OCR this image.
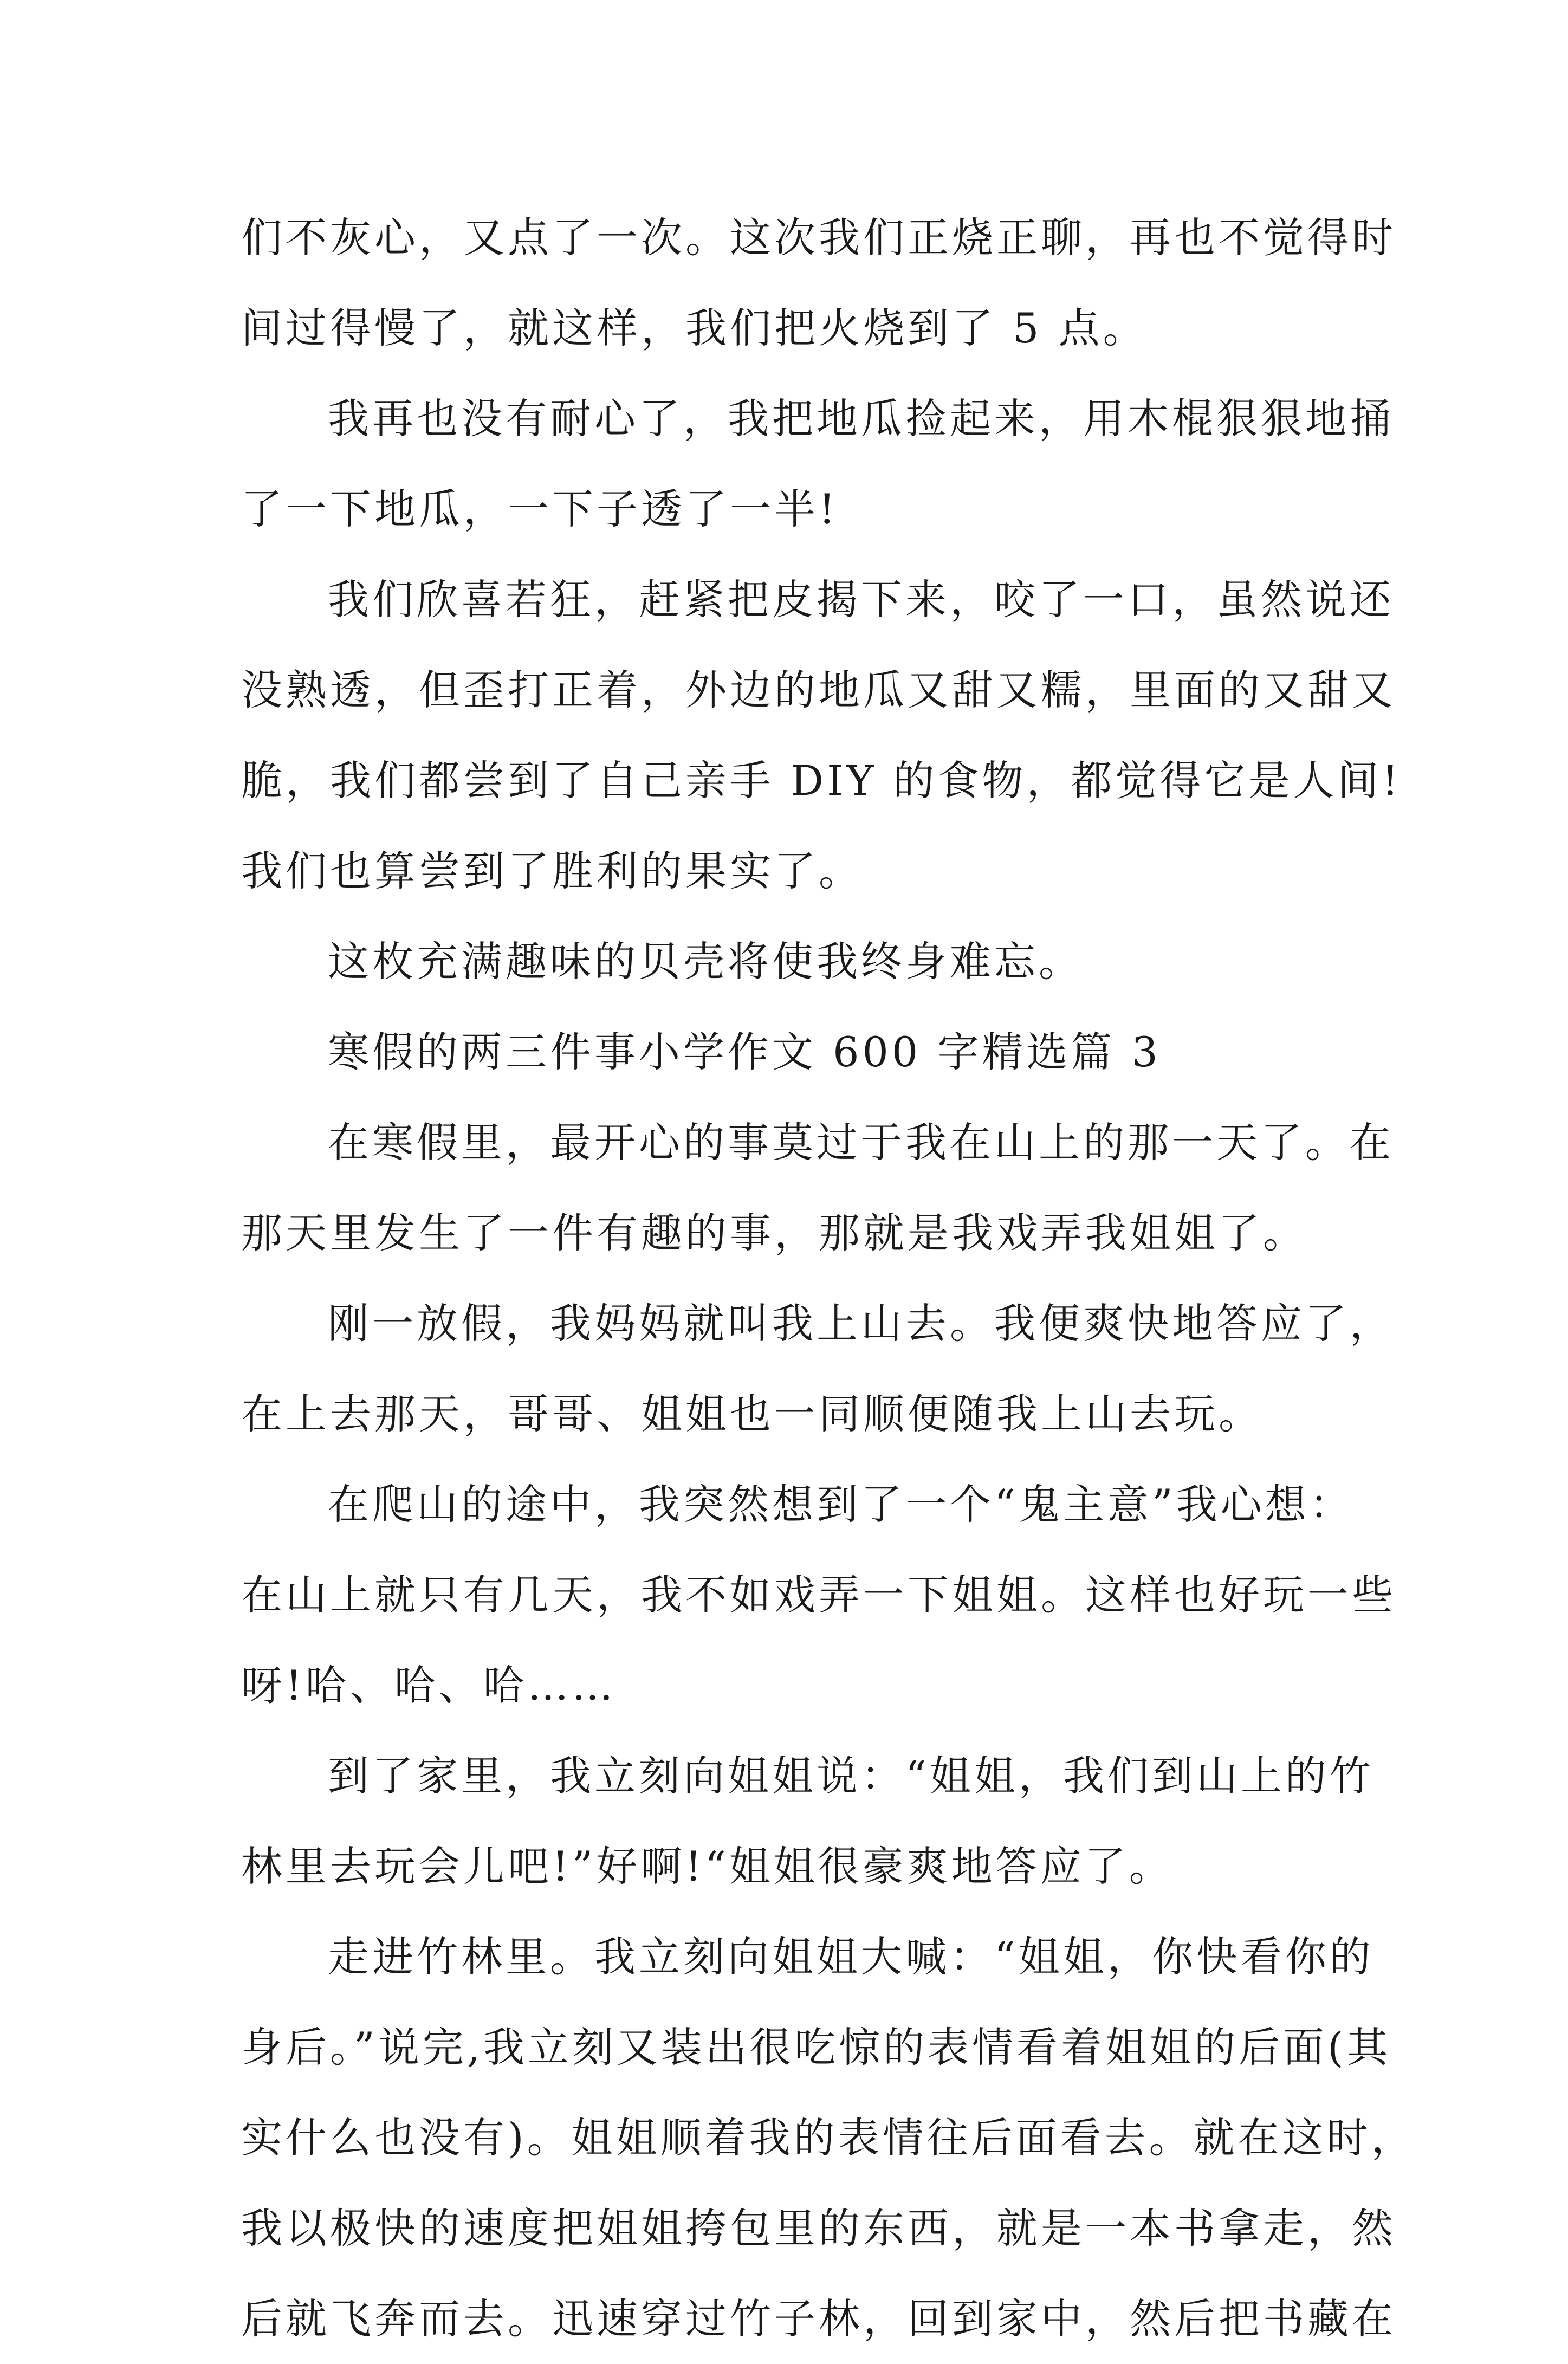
们不灰心，又点了一次。这次我们正烧正聊，再也不觉得时
间过得慢了，就这样，我们把火烧到了 5 点。
我再也没有耐心了，我把地瓜捡起来，用木棍狠狠地捅
了一下地瓜，一下子透了一半!
我们欣喜若狂，赶紧把皮揭下来，咬了一口，虽然说还
没熟透，但歪打正着，外边的地瓜又甜又糯，里面的又甜又
脆，我们都尝到了自己亲手 DIY 的食物，都觉得它是人间!
我们也算尝到了胜利的果实了。
这枚充满趣味的贝壳将使我终身难忘。
寒假的两三件事小学作文 600 字精选篇 3
在寒假里，最开心的事莫过于我在山上的那一天了。在
那天里发生了一件有趣的事，那就是我戏弄我姐姐了。
刚一放假，我妈妈就叫我上山去。我便爽快地答应了，
在上去那天，哥哥、姐姐也一同顺便随我上山去玩。
在爬山的途中，我突然想到了一个“鬼主意”我心想：
在山上就只有几天，我不如戏弄一下姐姐。这样也好玩一些
呀!哈、哈、哈……
到了家里，我立刻向姐姐说：“姐姐，我们到山上的竹
林里去玩会儿吧!”好啊!“姐姐很豪爽地答应了。
走进竹林里。我立刻向姐姐大喊：“姐姐，你快看你的
身后。”说完,我立刻又装出很吃惊的表情看着姐姐的后面(其
实什么也没有)。姐姐顺着我的表情往后面看去。就在这时，
我以极快的速度把姐姐挎包里的东西，就是一本书拿走，然
后就飞奔而去。迅速穿过竹子林，回到家中，然后把书藏在
